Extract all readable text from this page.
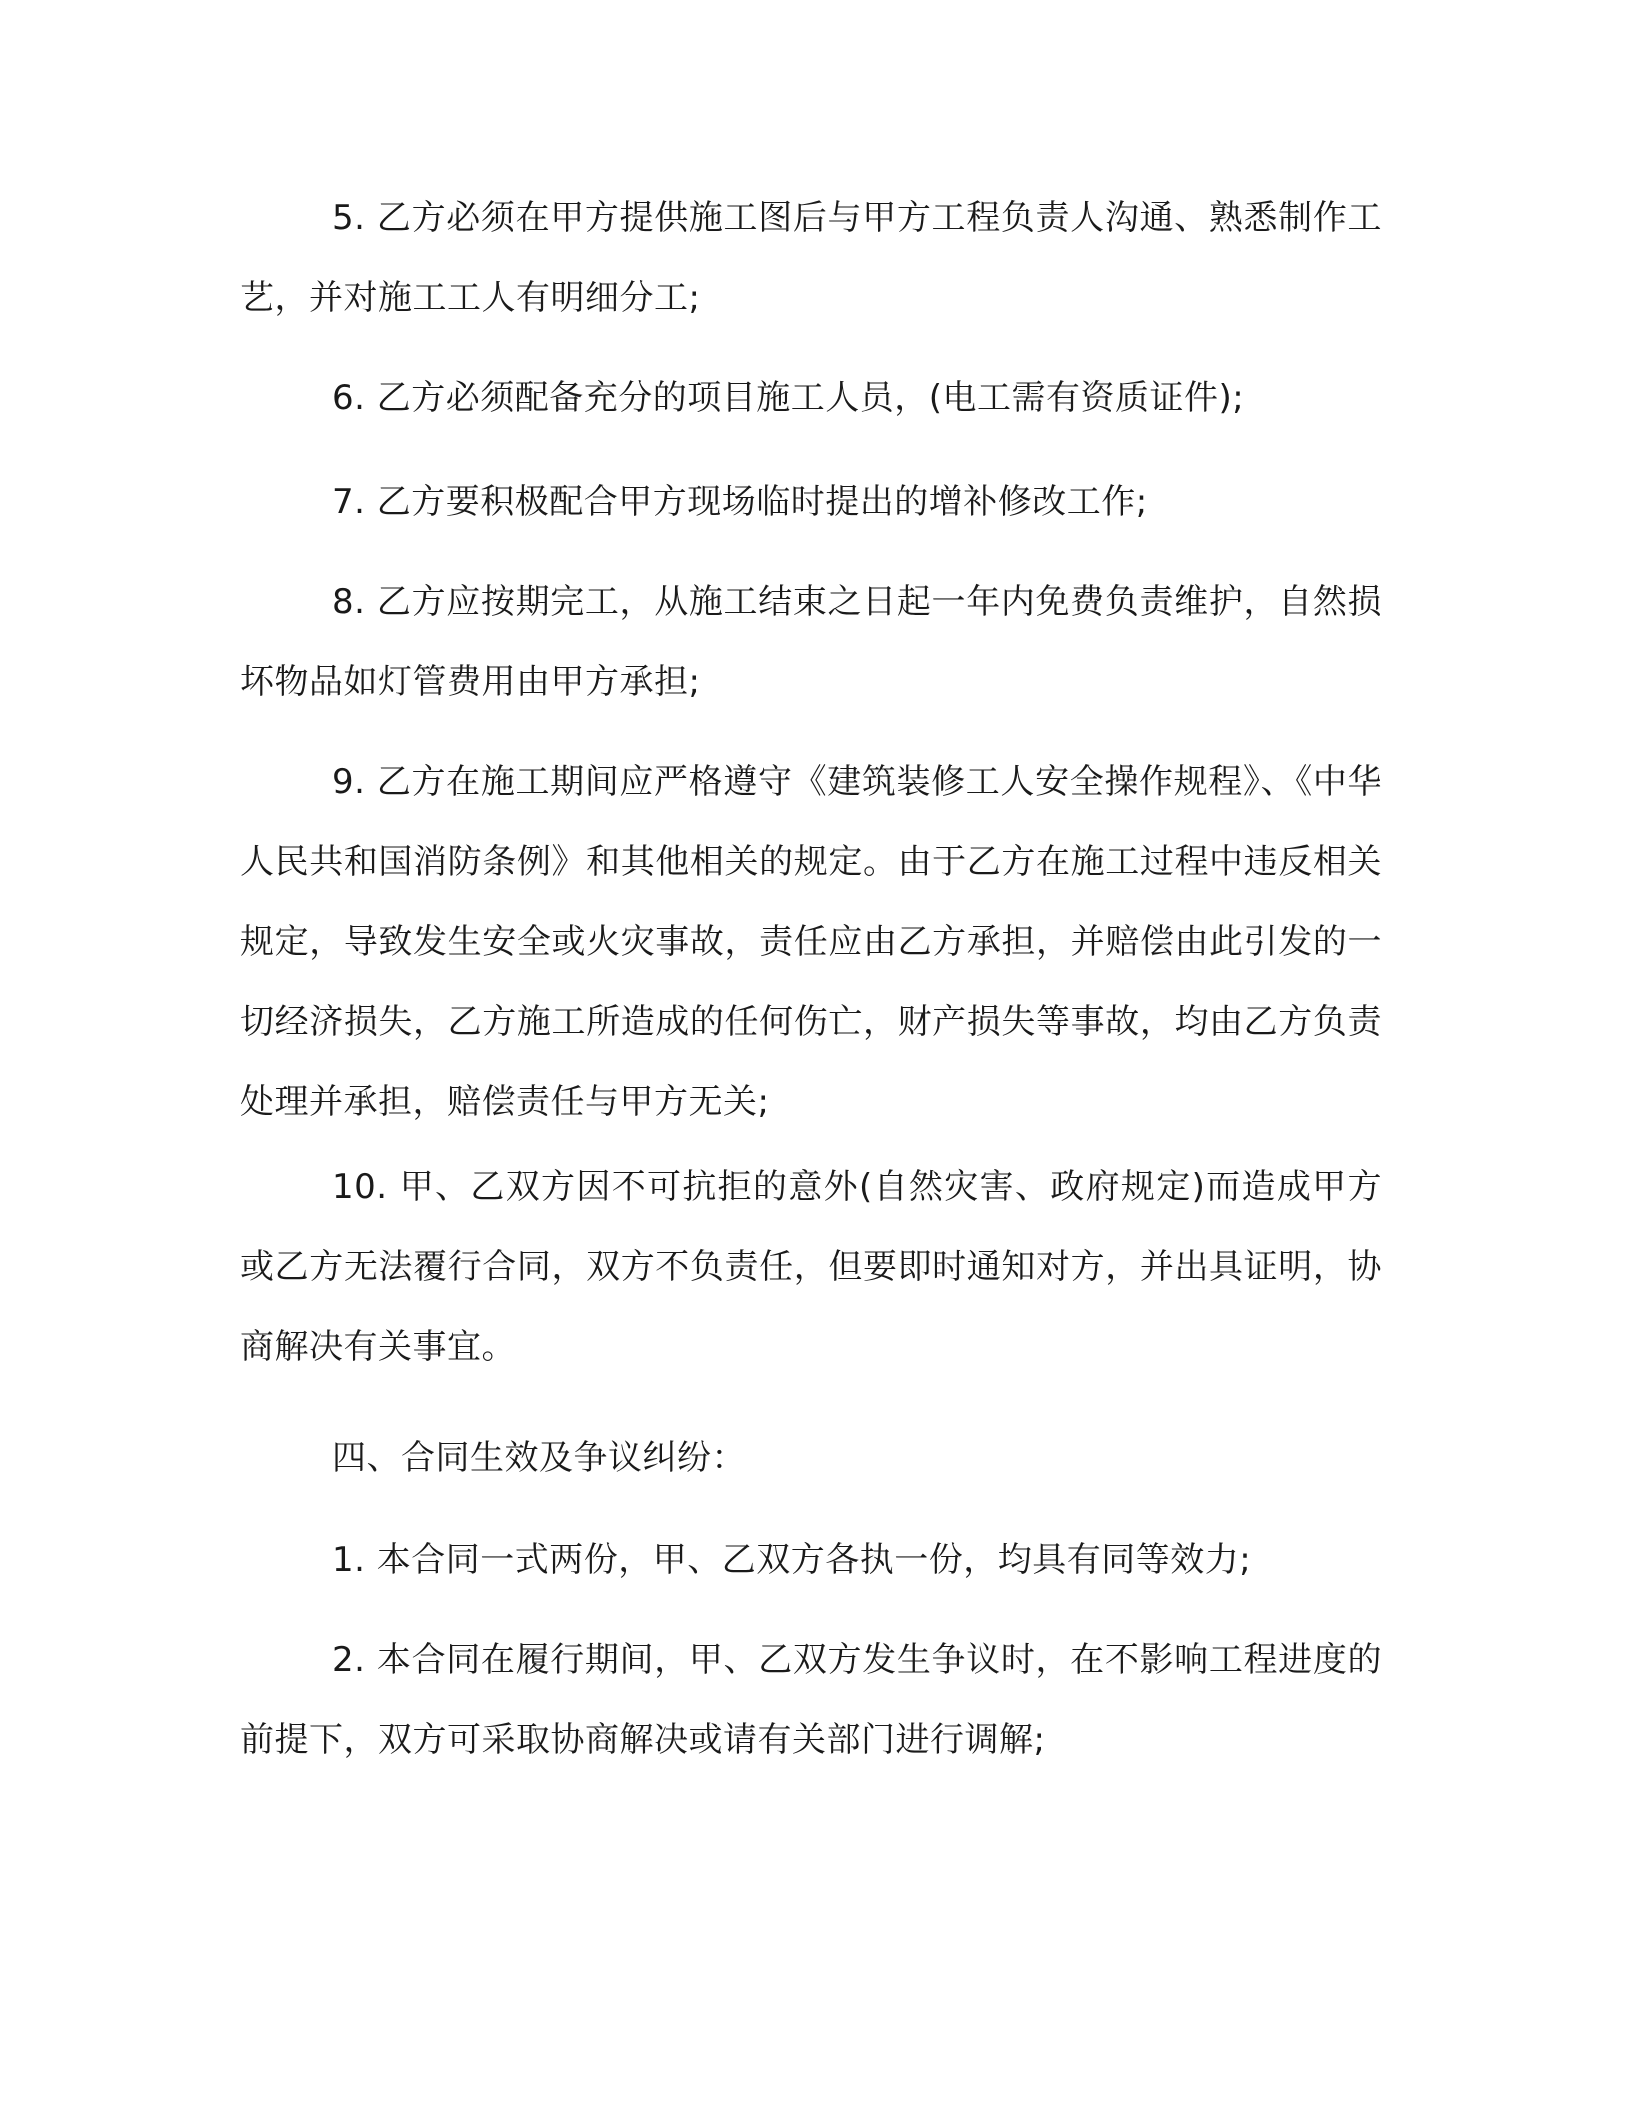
5. 乙方必须在甲方提供施工图后与甲方工程负责人沟通、熟悉制作工艺，并对施工工人有明细分工;

6. 乙方必须配备充分的项目施工人员，(电工需有资质证件);

7. 乙方要积极配合甲方现场临时提出的增补修改工作;

8. 乙方应按期完工，从施工结束之日起一年内免费负责维护，自然损坏物品如灯管费用由甲方承担;

9. 乙方在施工期间应严格遵守《建筑装修工人安全操作规程》、《中华人民共和国消防条例》和其他相关的规定。由于乙方在施工过程中违反相关规定，导致发生安全或火灾事故，责任应由乙方承担，并赔偿由此引发的一切经济损失，乙方施工所造成的任何伤亡，财产损失等事故，均由乙方负责处理并承担，赔偿责任与甲方无关;

10. 甲、乙双方因不可抗拒的意外(自然灾害、政府规定)而造成甲方或乙方无法覆行合同，双方不负责任，但要即时通知对方，并出具证明，协商解决有关事宜。

四、合同生效及争议纠纷：

1. 本合同一式两份，甲、乙双方各执一份，均具有同等效力;

2. 本合同在履行期间，甲、乙双方发生争议时，在不影响工程进度的前提下，双方可采取协商解决或请有关部门进行调解;
